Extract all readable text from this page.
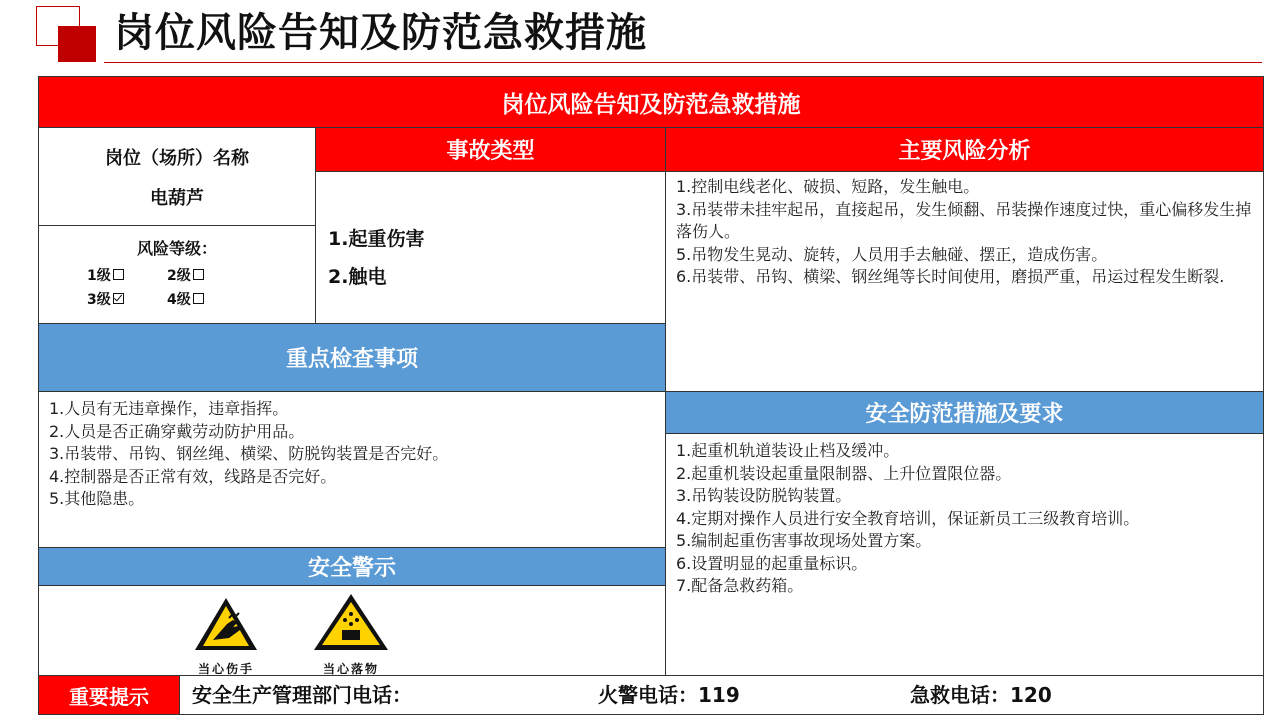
岗位风险告知及防范急救措施
岗位风险告知及防范急救措施
岗位（场所）名称
电葫芦
风险等级：
1级	2级
3级	4级
事故类型
1.起重伤害
2.触电
主要风险分析
1.控制电线老化、破损、短路，发生触电。
3.吊装带未挂牢起吊，直接起吊，发生倾翻、吊装操作速度过快，重心偏移发生掉落伤人。
5.吊物发生晃动、旋转，人员用手去触碰、摆正，造成伤害。
6.吊装带、吊钩、横梁、钢丝绳等长时间使用，磨损严重，吊运过程发生断裂.
重点检查事项
1.人员有无违章操作，违章指挥。
2.人员是否正确穿戴劳动防护用品。
3.吊装带、吊钩、钢丝绳、横梁、防脱钩装置是否完好。
4.控制器是否正常有效，线路是否完好。
5.其他隐患。
安全警示
当心伤手	当心落物
安全防范措施及要求
1.起重机轨道装设止档及缓冲。
2.起重机装设起重量限制器、上升位置限位器。
3.吊钩装设防脱钩装置。
4.定期对操作人员进行安全教育培训，保证新员工三级教育培训。
5.编制起重伤害事故现场处置方案。
6.设置明显的起重量标识。
7.配备急救药箱。
重要提示	安全生产管理部门电话：	火警电话：119	急救电话：120
